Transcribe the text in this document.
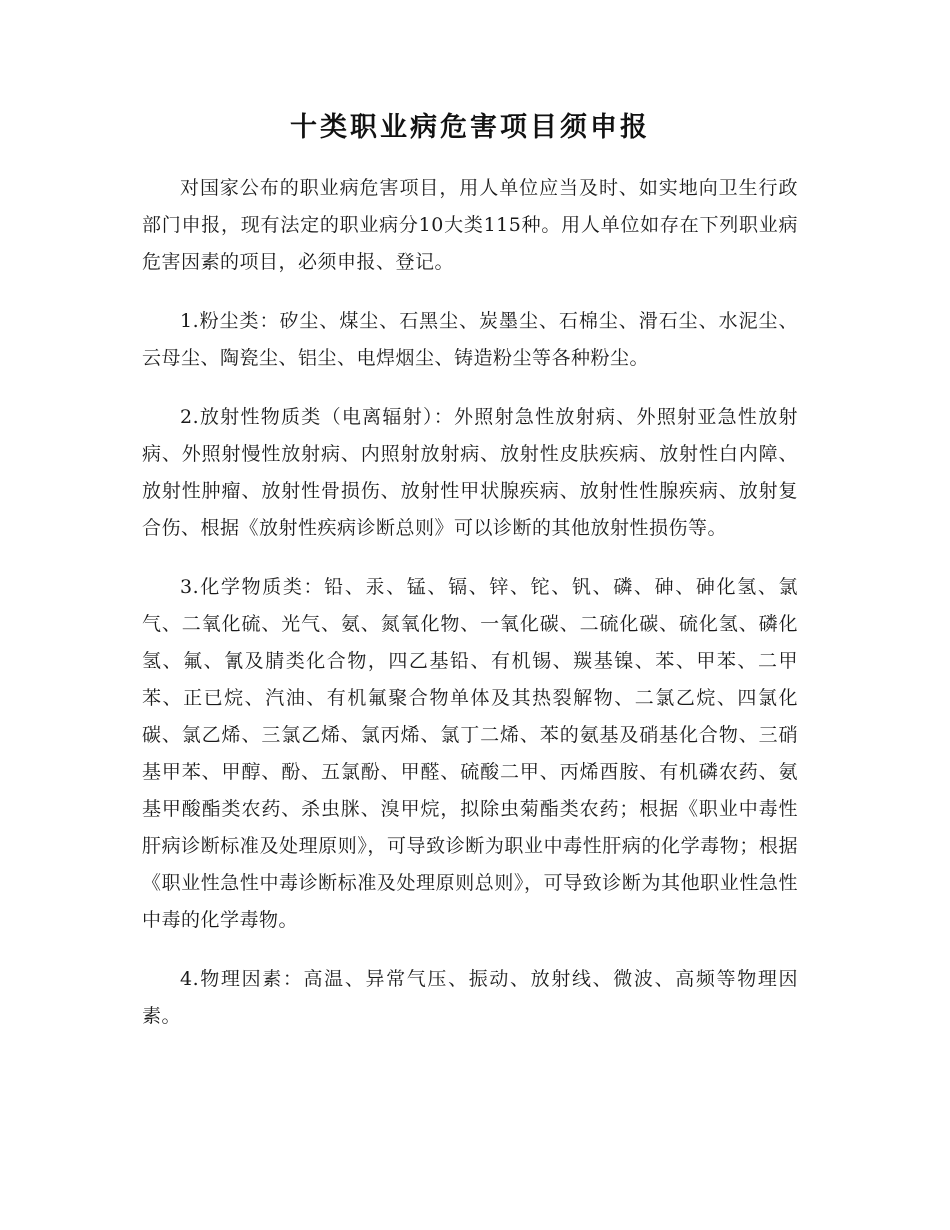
十类职业病危害项目须申报

对国家公布的职业病危害项目，用人单位应当及时、如实地向卫生行政部门申报，现有法定的职业病分10大类115种。用人单位如存在下列职业病危害因素的项目，必须申报、登记。

1.粉尘类：矽尘、煤尘、石黑尘、炭墨尘、石棉尘、滑石尘、水泥尘、云母尘、陶瓷尘、铝尘、电焊烟尘、铸造粉尘等各种粉尘。

2.放射性物质类（电离辐射）：外照射急性放射病、外照射亚急性放射病、外照射慢性放射病、内照射放射病、放射性皮肤疾病、放射性白内障、放射性肿瘤、放射性骨损伤、放射性甲状腺疾病、放射性性腺疾病、放射复合伤、根据《放射性疾病诊断总则》可以诊断的其他放射性损伤等。

3.化学物质类：铅、汞、锰、镉、锌、铊、钒、磷、砷、砷化氢、氯气、二氧化硫、光气、氨、氮氧化物、一氧化碳、二硫化碳、硫化氢、磷化氢、氟、氰及腈类化合物，四乙基铅、有机锡、羰基镍、苯、甲苯、二甲苯、正已烷、汽油、有机氟聚合物单体及其热裂解物、二氯乙烷、四氯化碳、氯乙烯、三氯乙烯、氯丙烯、氯丁二烯、苯的氨基及硝基化合物、三硝基甲苯、甲醇、酚、五氯酚、甲醛、硫酸二甲、丙烯酉胺、有机磷农药、氨基甲酸酯类农药、杀虫脒、溴甲烷，拟除虫菊酯类农药；根据《职业中毒性肝病诊断标准及处理原则》，可导致诊断为职业中毒性肝病的化学毒物；根据《职业性急性中毒诊断标准及处理原则总则》，可导致诊断为其他职业性急性中毒的化学毒物。

4.物理因素：高温、异常气压、振动、放射线、微波、高频等物理因素。
